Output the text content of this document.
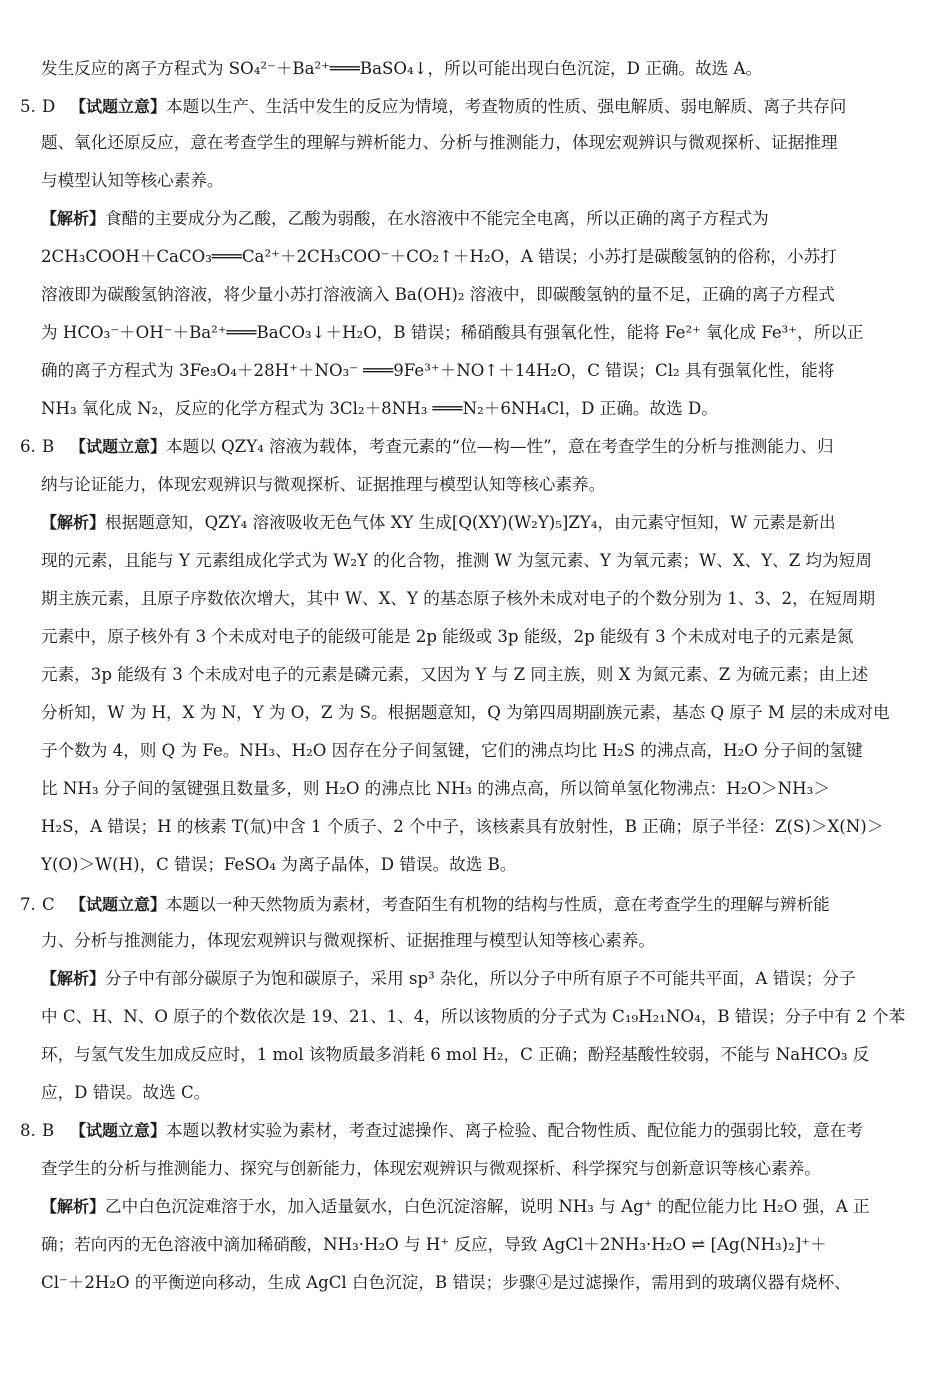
发生反应的离子方程式为 SO₄²⁻＋Ba²⁺═══BaSO₄↓，所以可能出现白色沉淀，D 正确。故选 A。
5. D 【试题立意】本题以生产、生活中发生的反应为情境，考查物质的性质、强电解质、弱电解质、离子共存问
题、氧化还原反应，意在考查学生的理解与辨析能力、分析与推测能力，体现宏观辨识与微观探析、证据推理
与模型认知等核心素养。
【解析】食醋的主要成分为乙酸，乙酸为弱酸，在水溶液中不能完全电离，所以正确的离子方程式为
2CH₃COOH＋CaCO₃═══Ca²⁺＋2CH₃COO⁻＋CO₂↑＋H₂O，A 错误；小苏打是碳酸氢钠的俗称，小苏打
溶液即为碳酸氢钠溶液，将少量小苏打溶液滴入 Ba(OH)₂ 溶液中，即碳酸氢钠的量不足，正确的离子方程式
为 HCO₃⁻＋OH⁻＋Ba²⁺═══BaCO₃↓＋H₂O，B 错误；稀硝酸具有强氧化性，能将 Fe²⁺ 氧化成 Fe³⁺，所以正
确的离子方程式为 3Fe₃O₄＋28H⁺＋NO₃⁻ ═══9Fe³⁺＋NO↑＋14H₂O，C 错误；Cl₂ 具有强氧化性，能将
NH₃ 氧化成 N₂，反应的化学方程式为 3Cl₂＋8NH₃ ═══N₂＋6NH₄Cl，D 正确。故选 D。
6. B 【试题立意】本题以 QZY₄ 溶液为载体，考查元素的“位—构—性”，意在考查学生的分析与推测能力、归
纳与论证能力，体现宏观辨识与微观探析、证据推理与模型认知等核心素养。
【解析】根据题意知，QZY₄ 溶液吸收无色气体 XY 生成[Q(XY)(W₂Y)₅]ZY₄，由元素守恒知，W 元素是新出
现的元素，且能与 Y 元素组成化学式为 W₂Y 的化合物，推测 W 为氢元素、Y 为氧元素；W、X、Y、Z 均为短周
期主族元素，且原子序数依次增大，其中 W、X、Y 的基态原子核外未成对电子的个数分别为 1、3、2，在短周期
元素中，原子核外有 3 个未成对电子的能级可能是 2p 能级或 3p 能级，2p 能级有 3 个未成对电子的元素是氮
元素，3p 能级有 3 个未成对电子的元素是磷元素，又因为 Y 与 Z 同主族，则 X 为氮元素、Z 为硫元素；由上述
分析知，W 为 H，X 为 N，Y 为 O，Z 为 S。根据题意知，Q 为第四周期副族元素，基态 Q 原子 M 层的未成对电
子个数为 4，则 Q 为 Fe。NH₃、H₂O 因存在分子间氢键，它们的沸点均比 H₂S 的沸点高，H₂O 分子间的氢键
比 NH₃ 分子间的氢键强且数量多，则 H₂O 的沸点比 NH₃ 的沸点高，所以简单氢化物沸点：H₂O＞NH₃＞
H₂S，A 错误；H 的核素 T(氚)中含 1 个质子、2 个中子，该核素具有放射性，B 正确；原子半径：Z(S)＞X(N)＞
Y(O)＞W(H)，C 错误；FeSO₄ 为离子晶体，D 错误。故选 B。
7. C 【试题立意】本题以一种天然物质为素材，考查陌生有机物的结构与性质，意在考查学生的理解与辨析能
力、分析与推测能力，体现宏观辨识与微观探析、证据推理与模型认知等核心素养。
【解析】分子中有部分碳原子为饱和碳原子，采用 sp³ 杂化，所以分子中所有原子不可能共平面，A 错误；分子
中 C、H、N、O 原子的个数依次是 19、21、1、4，所以该物质的分子式为 C₁₉H₂₁NO₄，B 错误；分子中有 2 个苯
环，与氢气发生加成反应时，1 mol 该物质最多消耗 6 mol H₂，C 正确；酚羟基酸性较弱，不能与 NaHCO₃ 反
应，D 错误。故选 C。
8. B 【试题立意】本题以教材实验为素材，考查过滤操作、离子检验、配合物性质、配位能力的强弱比较，意在考
查学生的分析与推测能力、探究与创新能力，体现宏观辨识与微观探析、科学探究与创新意识等核心素养。
【解析】乙中白色沉淀难溶于水，加入适量氨水，白色沉淀溶解，说明 NH₃ 与 Ag⁺ 的配位能力比 H₂O 强，A 正
确；若向丙的无色溶液中滴加稀硝酸，NH₃·H₂O 与 H⁺ 反应，导致 AgCl＋2NH₃·H₂O ⇌ [Ag(NH₃)₂]⁺＋
Cl⁻＋2H₂O 的平衡逆向移动，生成 AgCl 白色沉淀，B 错误；步骤④是过滤操作，需用到的玻璃仪器有烧杯、
